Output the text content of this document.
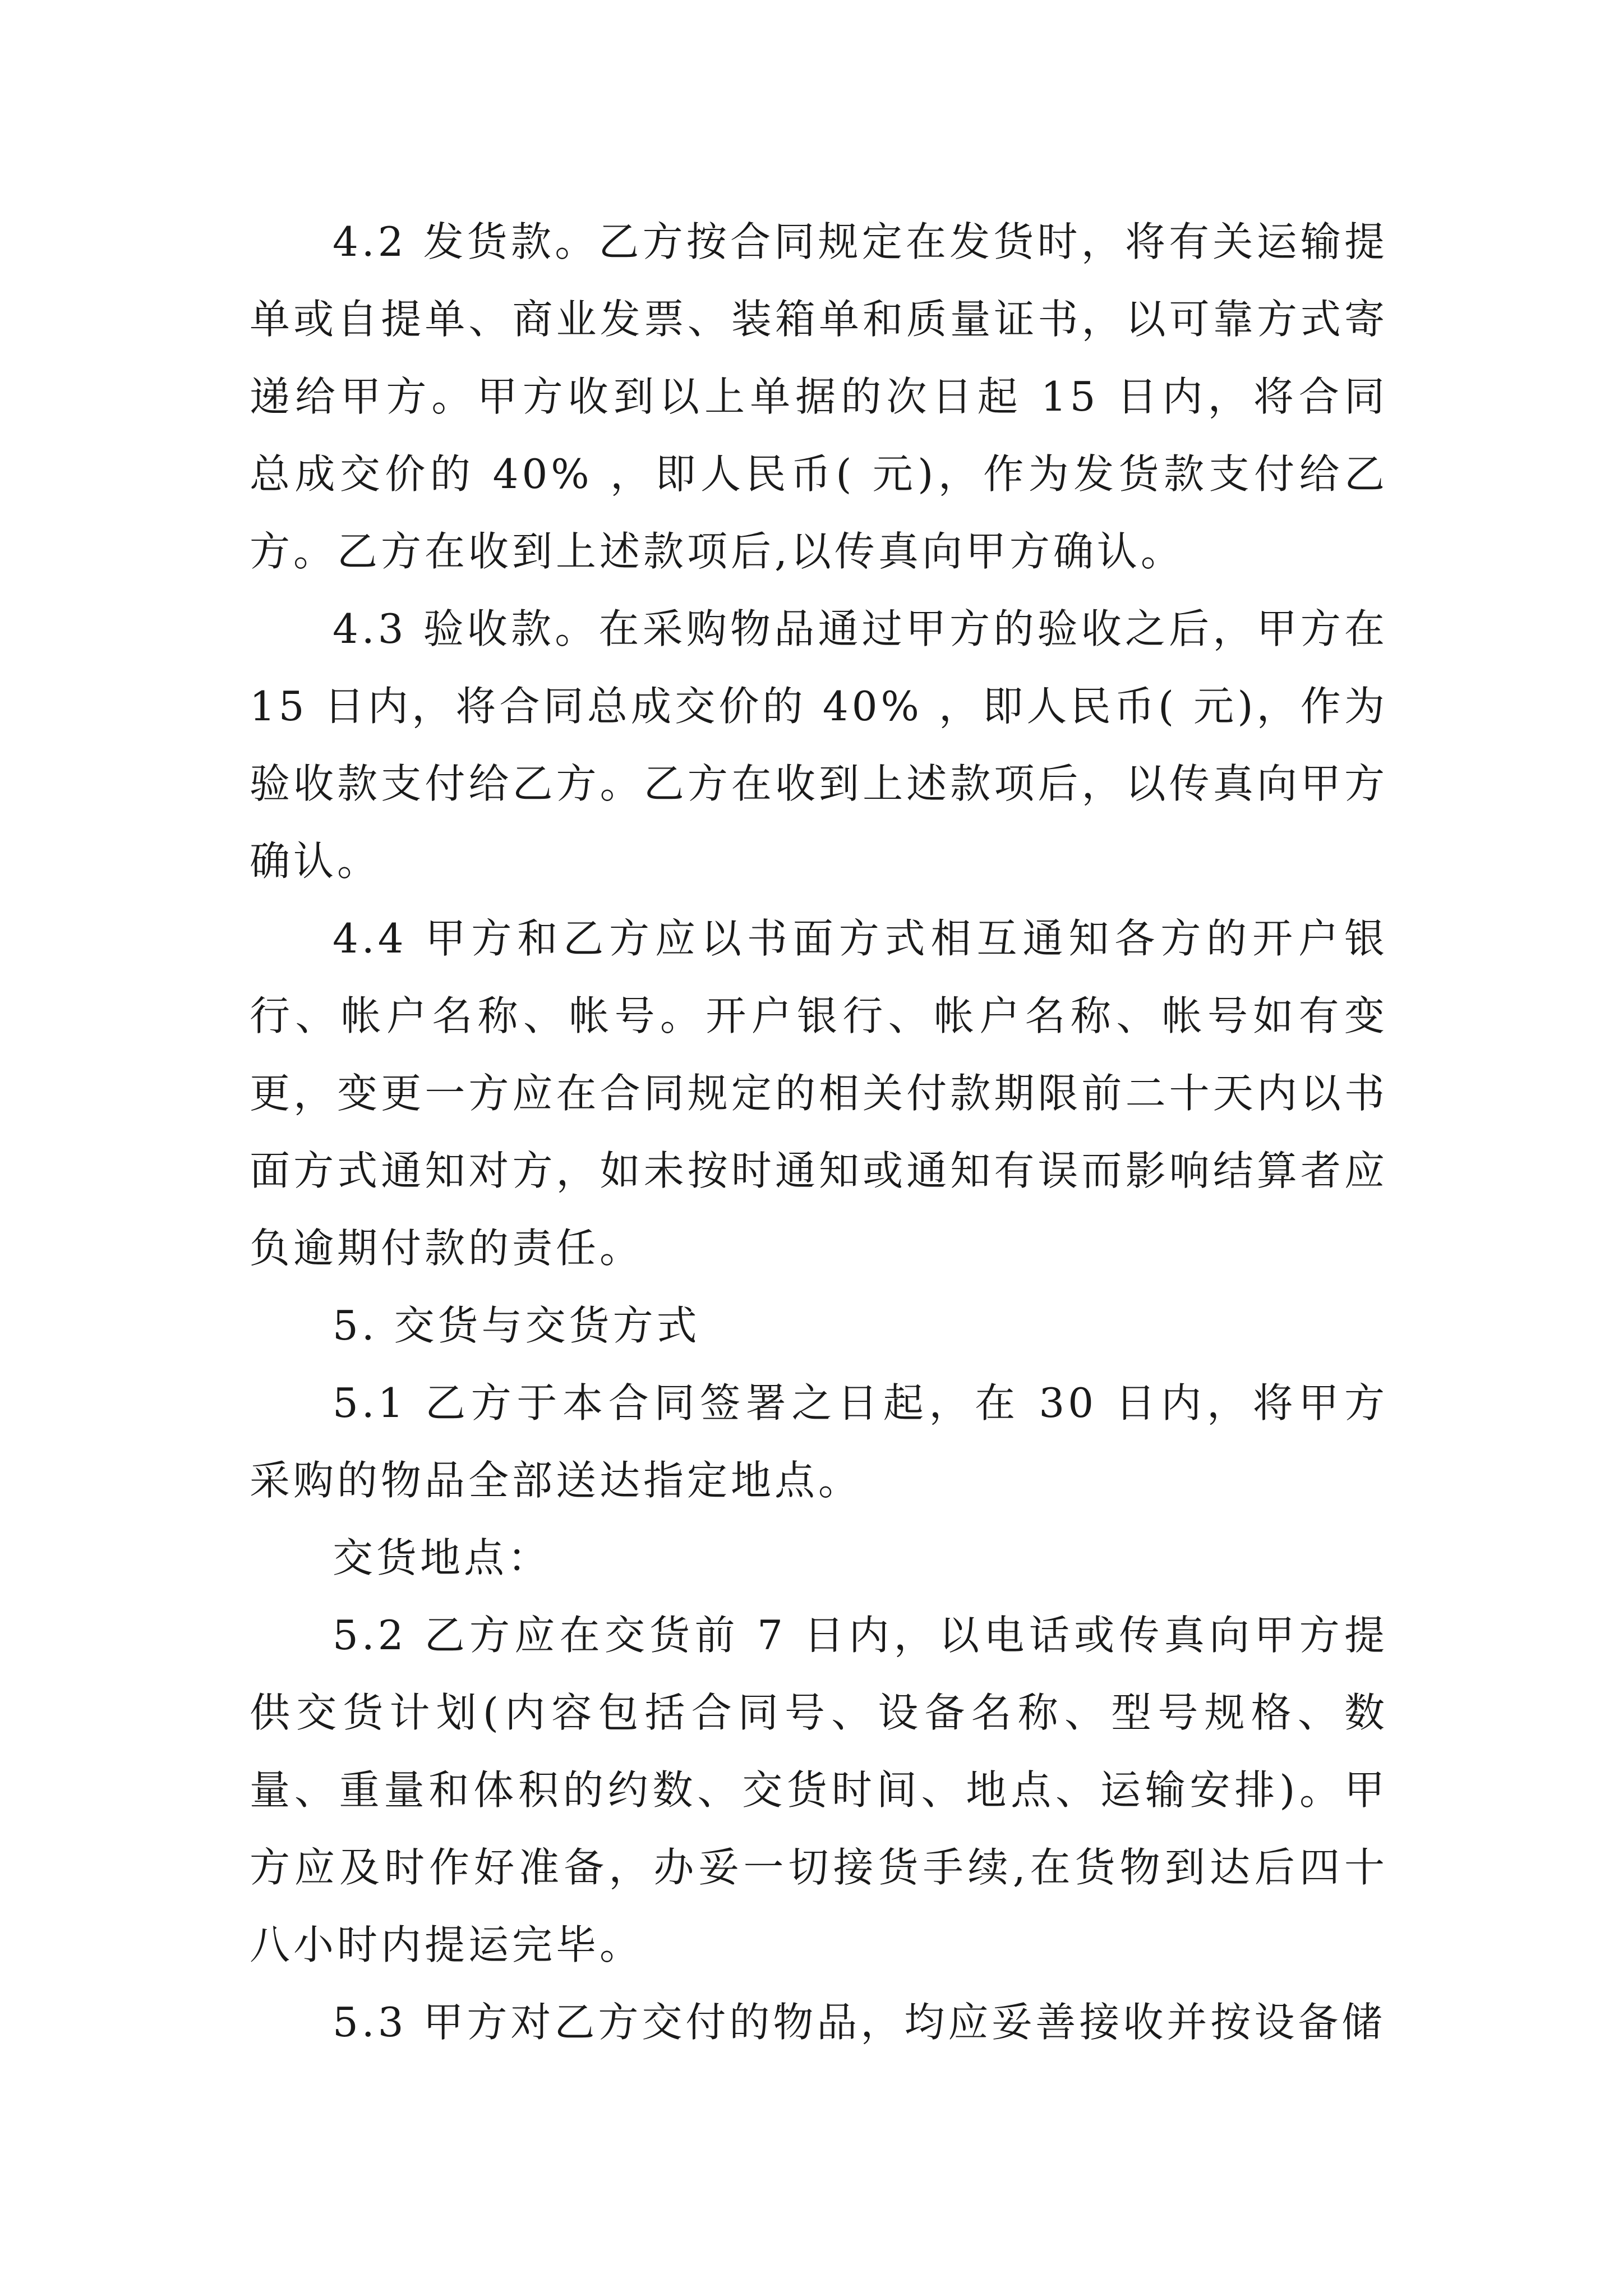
4.2 发货款。乙方按合同规定在发货时，将有关运输提单或自提单、商业发票、装箱单和质量证书，以可靠方式寄递给甲方。甲方收到以上单据的次日起 15 日内，将合同总成交价的 40% ，即人民币( 元)，作为发货款支付给乙方。乙方在收到上述款项后,以传真向甲方确认。

4.3 验收款。在采购物品通过甲方的验收之后，甲方在 15 日内，将合同总成交价的 40% ，即人民币( 元)，作为验收款支付给乙方。乙方在收到上述款项后，以传真向甲方确认。

4.4 甲方和乙方应以书面方式相互通知各方的开户银行、帐户名称、帐号。开户银行、帐户名称、帐号如有变更，变更一方应在合同规定的相关付款期限前二十天内以书面方式通知对方，如未按时通知或通知有误而影响结算者应负逾期付款的责任。

5. 交货与交货方式

5.1 乙方于本合同签署之日起，在 30 日内，将甲方采购的物品全部送达指定地点。

交货地点：

5.2 乙方应在交货前 7 日内，以电话或传真向甲方提供交货计划(内容包括合同号、设备名称、型号规格、数量、重量和体积的约数、交货时间、地点、运输安排)。甲方应及时作好准备，办妥一切接货手续,在货物到达后四十八小时内提运完毕。

5.3 甲方对乙方交付的物品，均应妥善接收并按设备储
